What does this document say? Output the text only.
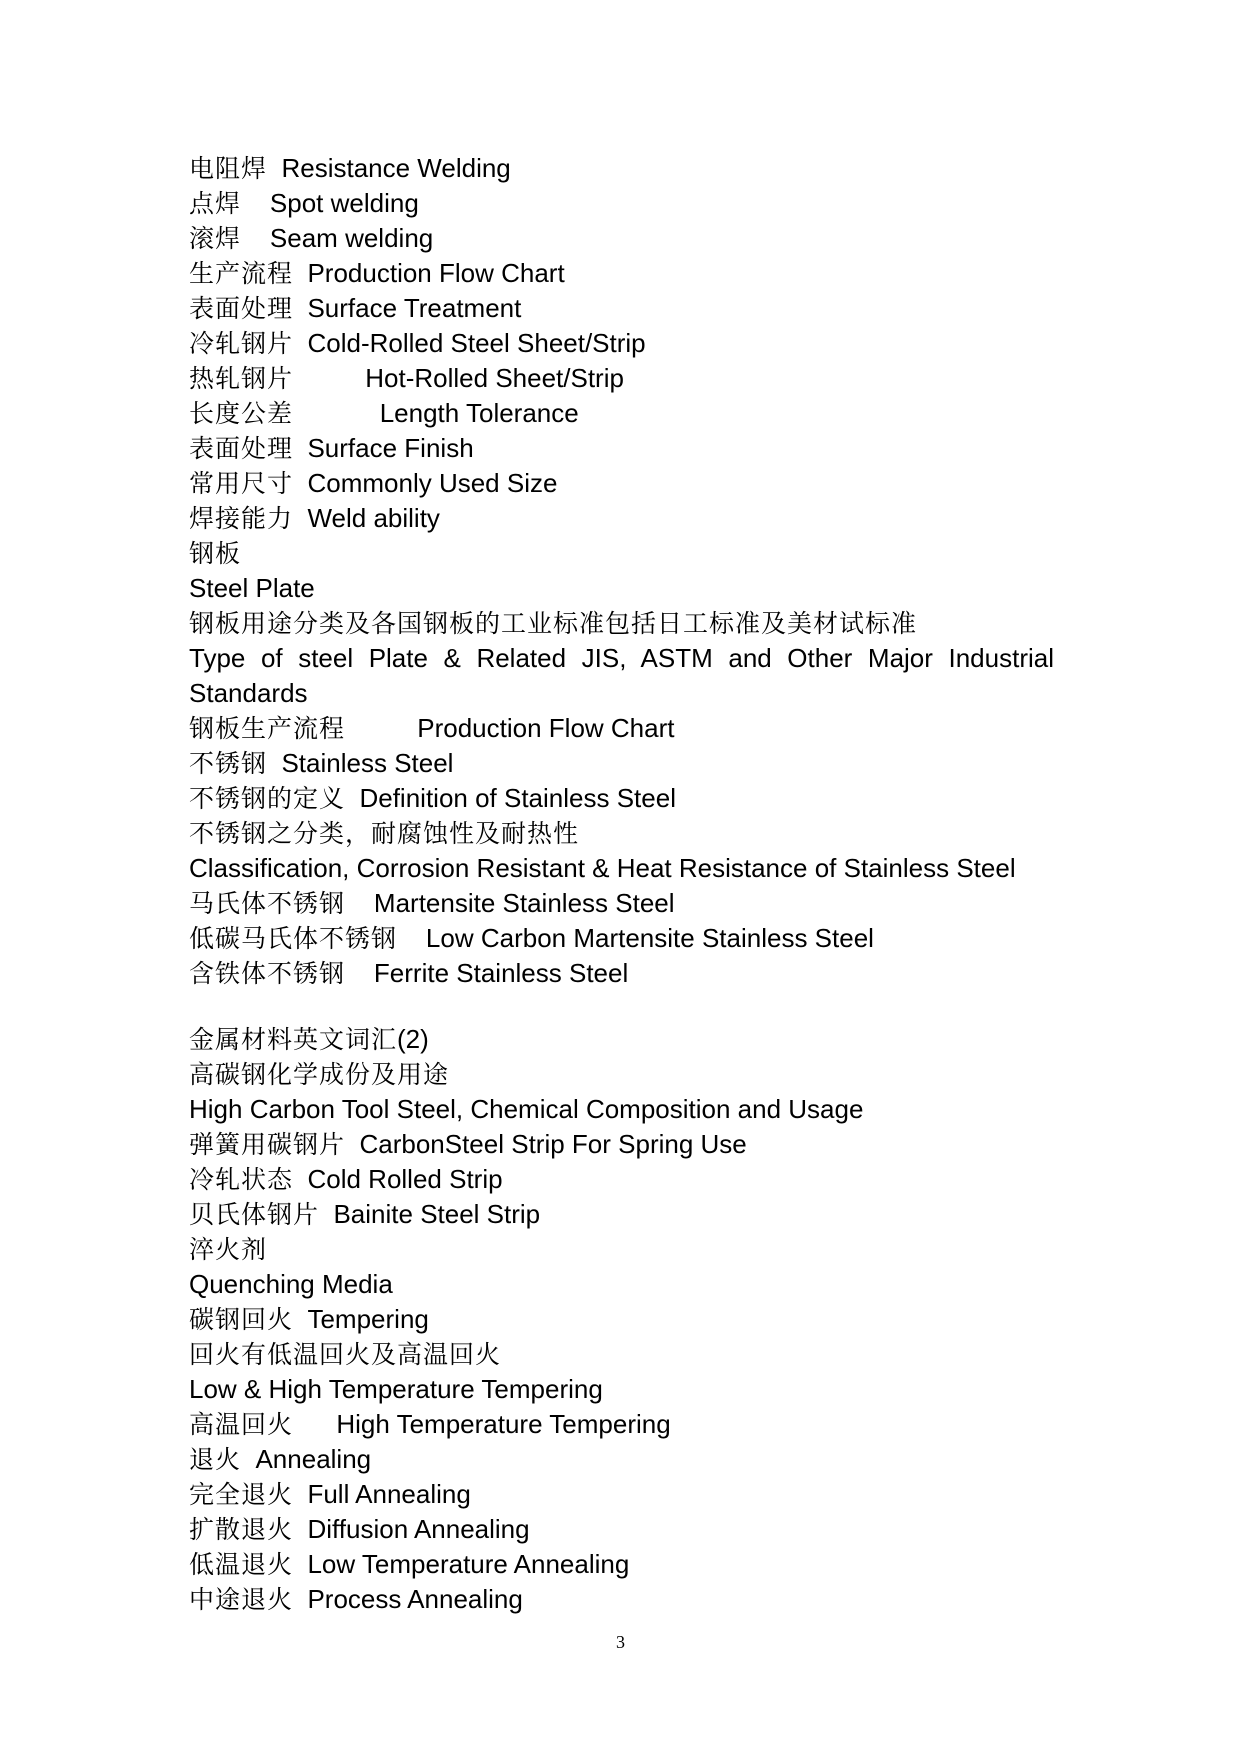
电阻焊 Resistance Welding
点焊 Spot welding
滚焊 Seam welding
生产流程 Production Flow Chart
表面处理 Surface Treatment
冷轧钢片 Cold-Rolled Steel Sheet/Strip
热轧钢片	Hot-Rolled Sheet/Strip
长度公差	Length Tolerance
表面处理 Surface Finish
常用尺寸 Commonly Used Size
焊接能力 Weld ability
钢板
Steel Plate
钢板用途分类及各国钢板的工业标准包括日工标准及美材试标准
Type of steel Plate & Related JIS, ASTM and Other Major Industrial Standards
钢板生产流程	Production Flow Chart
不锈钢 Stainless Steel
不锈钢的定义 Definition of Stainless Steel
不锈钢之分类，耐腐蚀性及耐热性
Classification, Corrosion Resistant & Heat Resistance of Stainless Steel
马氏体不锈钢 Martensite Stainless Steel
低碳马氏体不锈钢 Low Carbon Martensite Stainless Steel
含铁体不锈钢 Ferrite Stainless Steel
金属材料英文词汇(2)
高碳钢化学成份及用途
High Carbon Tool Steel, Chemical Composition and Usage
弹簧用碳钢片 CarbonSteel Strip For Spring Use
冷轧状态 Cold Rolled Strip
贝氏体钢片 Bainite Steel Strip
淬火剂
Quenching Media
碳钢回火 Tempering
回火有低温回火及高温回火
Low & High Temperature Tempering
高温回火 High Temperature Tempering
退火 Annealing
完全退火 Full Annealing
扩散退火 Diffusion Annealing
低温退火 Low Temperature Annealing
中途退火 Process Annealing
3
